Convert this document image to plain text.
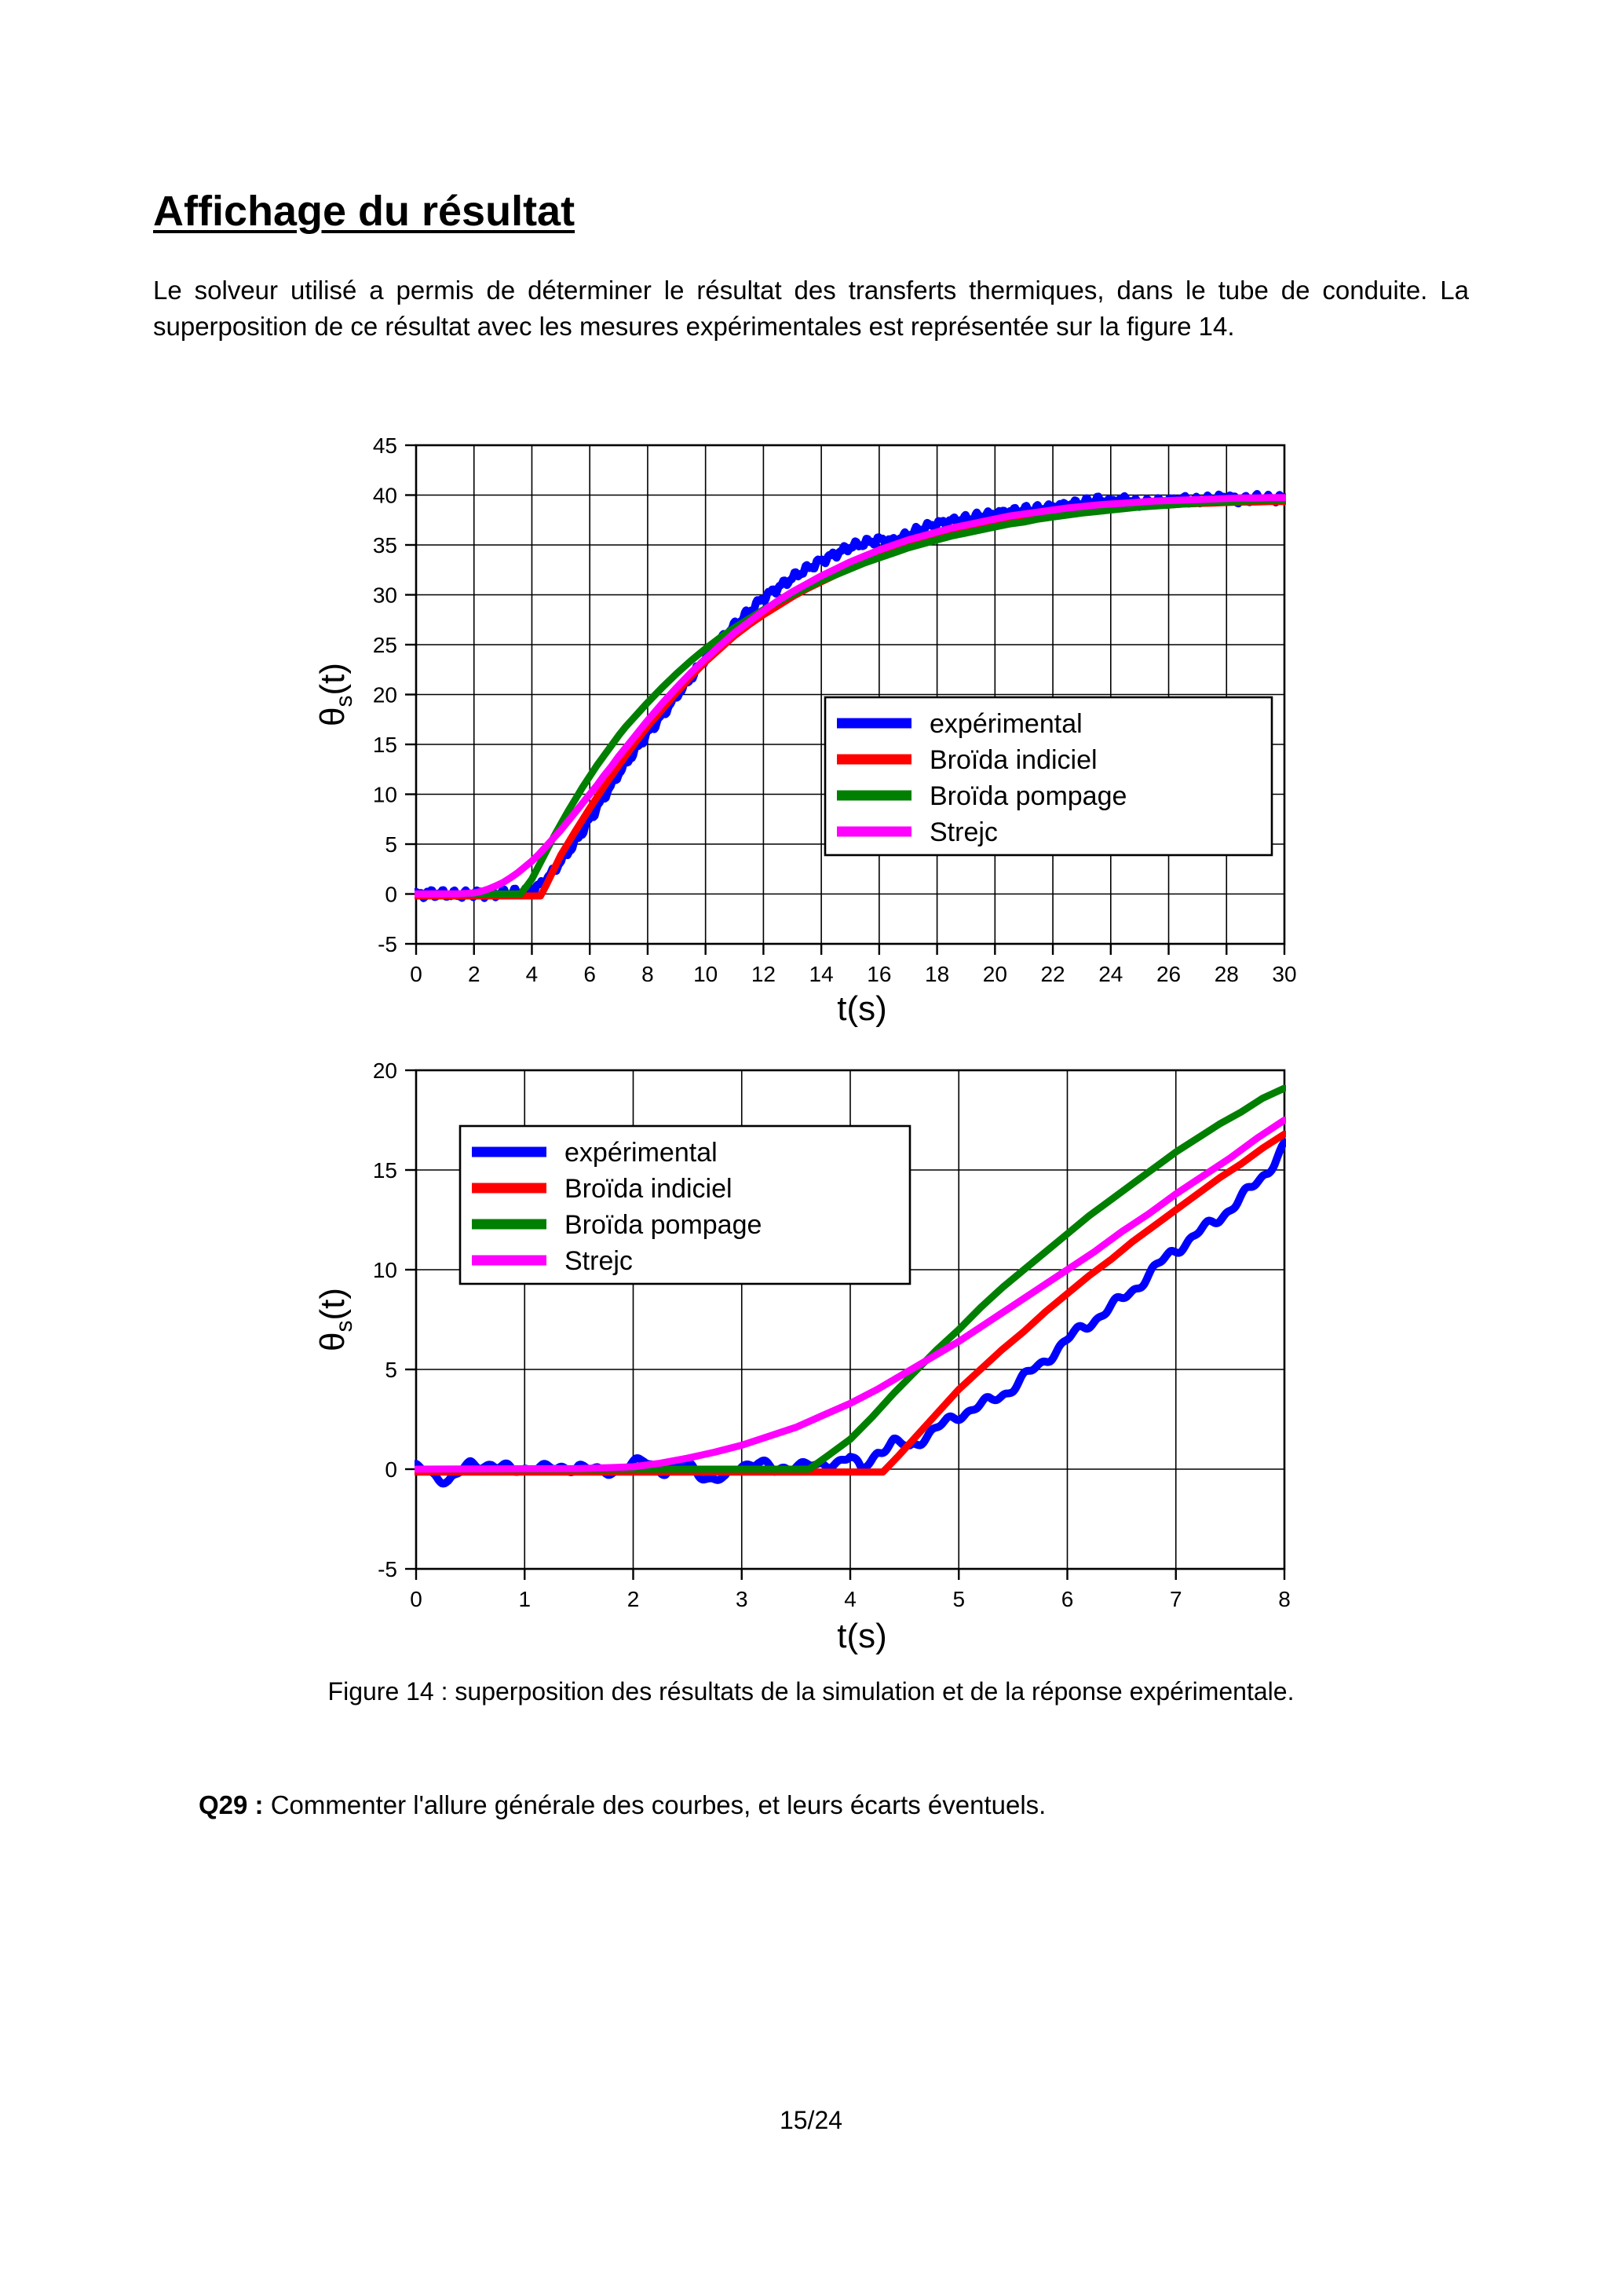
Affichage du résultat

Le solveur utilisé a permis de déterminer le résultat des transferts thermiques, dans le tube de conduite. La superposition de ce résultat avec les mesures expérimentales est représentée sur la figure 14.

0 2 4 6 8 10 12 14 16 18 20 22 24 26 28 30
-5
0
5
10
15
20
25
30
35
40
45
t(s)
$\theta_s(t)$
expérimental
Broïda indiciel
Broïda pompage
Strejc
0	1	2	3	4	5	6	7	8
-5
0
5
10
15
20
t(s)
$\theta_s(t)$
expérimental
Broïda indiciel
Broïda pompage
Strejc

Figure 14 : superposition des résultats de la simulation et de la réponse expérimentale.

Q29 : Commenter l'allure générale des courbes, et leurs écarts éventuels.

15/24
